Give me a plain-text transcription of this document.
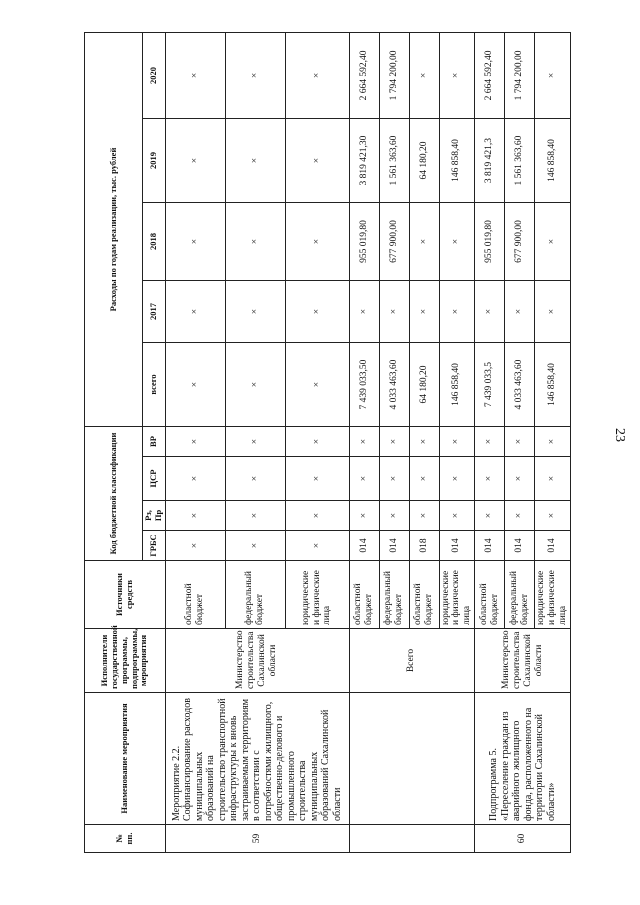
23
№ пп.	Наименование мероприятия	Исполнители государственной программы, подпрограммы, мероприятия	Источники средств	Код бюджетной классификации				Расходы по годам реализации, тыс. рублей				
				ГРБС	Рз, Пр	ЦСР	ВР	всего	2017	2018	2019	2020
59	Мероприятие 2.2. Софинансирование расходов муниципальных образований на строительство транспортной инфраструктуры к вновь застраиваемым территориям в соответствии с потребностями жилищного, общественно-делового и промышленного строительства муниципальных образований Сахалинской области	Министерство строительства Сахалинской области	областной бюджет	×	×	×	×	×	×	×	×	×
			федеральный бюджет	×	×	×	×	×	×	×	×	×
			юридические и физические лица	×	×	×	×	×	×	×	×	×
		Всего	областной бюджет	014	×	×	×	7 439 033,50	×	955 019,80	3 819 421,30	2 664 592,40
			федеральный бюджет	014	×	×	×	4 033 463,60	×	677 900,00	1 561 363,60	1 794 200,00
			областной бюджет	018	×	×	×	64 180,20	×	×	64 180,20	×
			юридические и физические лица	014	×	×	×	146 858,40	×	×	146 858,40	×
60	Подпрограмма 5. «Переселение граждан из аварийного жилищного фонда, расположенного на территории Сахалинской области»	Министерство строительства Сахалинской области	областной бюджет	014	×	×	×	7 439 033,5	×	955 019,80	3 819 421,3	2 664 592,40
			федеральный бюджет	014	×	×	×	4 033 463,60	×	677 900,00	1 561 363,60	1 794 200,00
			юридические и физические лица	014	×	×	×	146 858,40	×	×	146 858,40	×
